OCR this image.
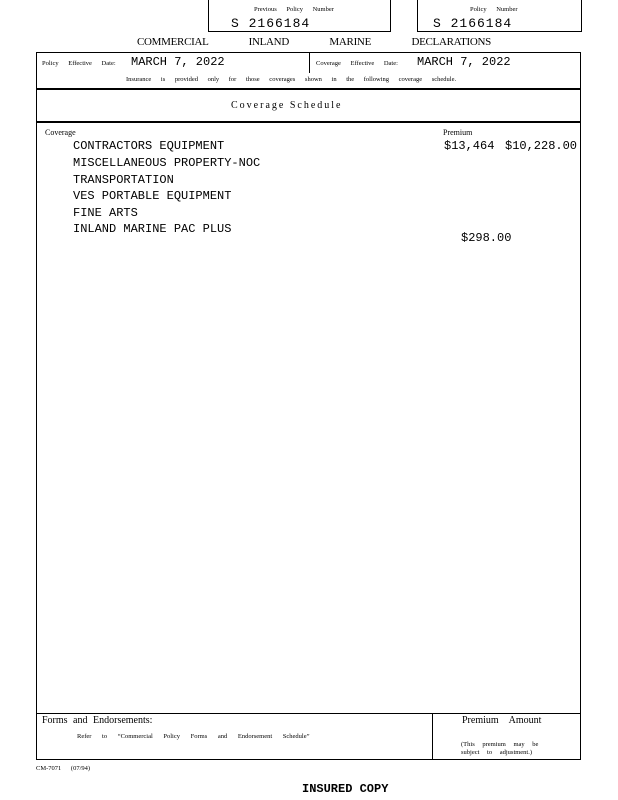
Previous Policy Number
S 2166184
Policy Number
S 2166184
COMMERCIAL INLAND MARINE DECLARATIONS
Policy Effective Date: MARCH 7, 2022	Coverage Effective Date: MARCH 7, 2022
Insurance is provided only for those coverages shown in the following coverage schedule.
Coverage Schedule
Coverage	Premium
CONTRACTORS EQUIPMENT
MISCELLANEOUS PROPERTY-NOC
TRANSPORTATION
VES PORTABLE EQUIPMENT
FINE ARTS
INLAND MARINE PAC PLUS
$13,464 $10,228.00
$298.00
Forms and Endorsements:
Refer to “Commercial Policy Forms and Endorsement Schedule”
Premium Amount
(This premium may be subject to adjustment.)
CM-7071 (07/94)
INSURED COPY
